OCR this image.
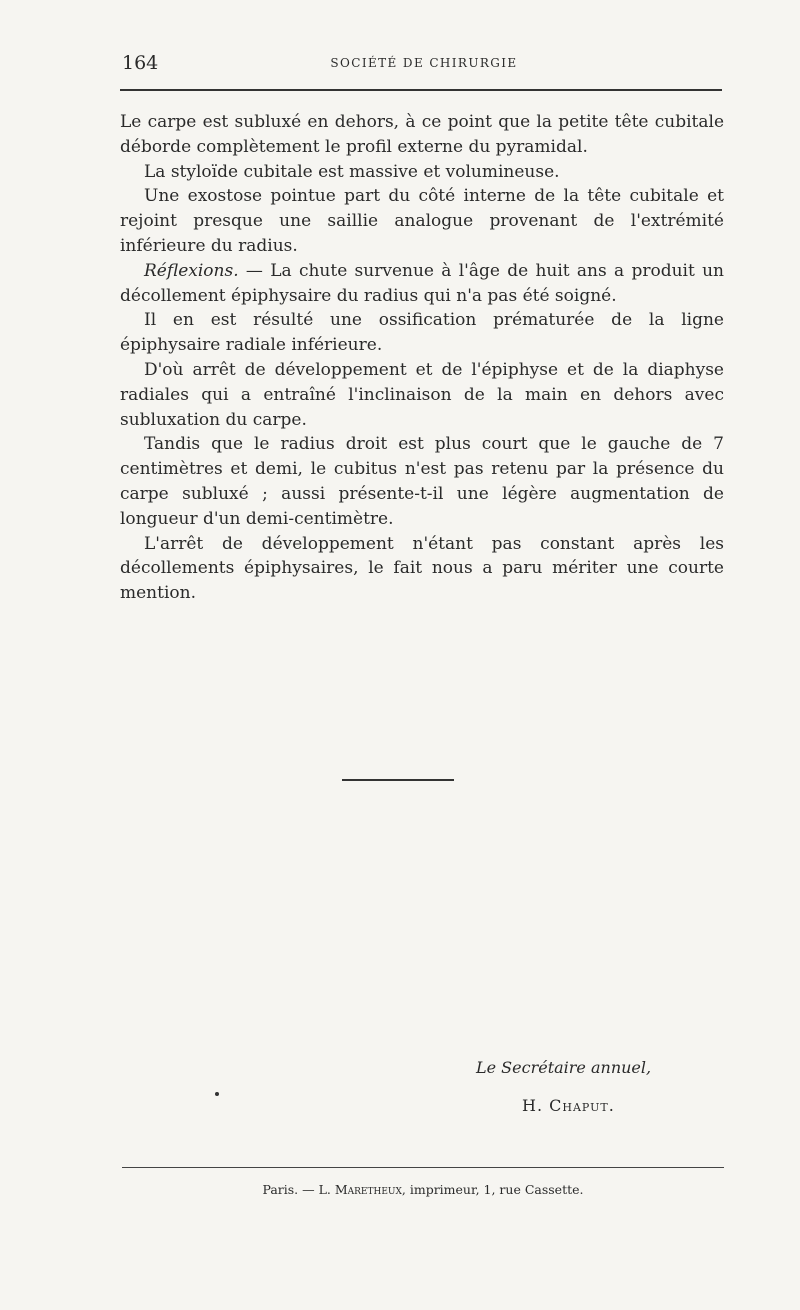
164	SOCIÉTÉ DE CHIRURGIE

Le carpe est subluxé en dehors, à ce point que la petite tête cubitale déborde complètement le profil externe du pyramidal.

La styloïde cubitale est massive et volumineuse.

Une exostose pointue part du côté interne de la tête cubitale et rejoint presque une saillie analogue provenant de l'extrémité inférieure du radius.

Réflexions. — La chute survenue à l'âge de huit ans a produit un décollement épiphysaire du radius qui n'a pas été soigné.

Il en est résulté une ossification prématurée de la ligne épiphysaire radiale inférieure.

D'où arrêt de développement et de l'épiphyse et de la diaphyse radiales qui a entraîné l'inclinaison de la main en dehors avec subluxation du carpe.

Tandis que le radius droit est plus court que le gauche de 7 centimètres et demi, le cubitus n'est pas retenu par la présence du carpe subluxé ; aussi présente-t-il une légère augmentation de longueur d'un demi-centimètre.

L'arrêt de développement n'étant pas constant après les décollements épiphysaires, le fait nous a paru mériter une courte mention.

Le Secrétaire annuel,
H. Chaput.
Paris. — L. Maretheux, imprimeur, 1, rue Cassette.
